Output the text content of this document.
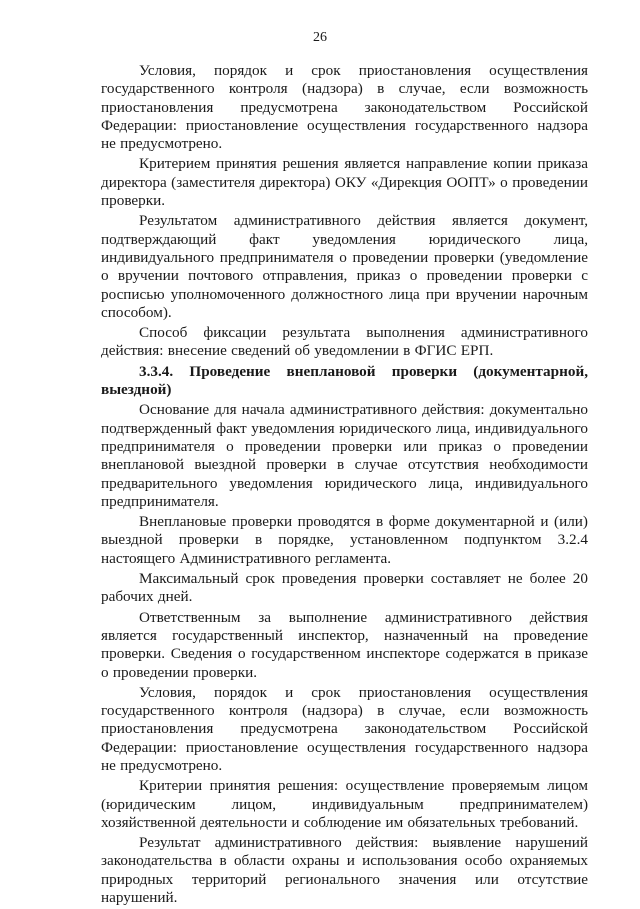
26

Условия, порядок и срок приостановления осуществления государственного контроля (надзора) в случае, если возможность приостановления предусмотрена законодательством Российской Федерации: приостановление осуществления государственного надзора не предусмотрено.

Критерием принятия решения является направление копии приказа директора (заместителя директора) ОКУ «Дирекция ООПТ» о проведении проверки.

Результатом административного действия является документ, подтверждающий факт уведомления юридического лица, индивидуального предпринимателя о проведении проверки (уведомление о вручении почтового отправления, приказ о проведении проверки с росписью уполномоченного должностного лица при вручении нарочным способом).

Способ фиксации результата выполнения административного действия: внесение сведений об уведомлении в ФГИС ЕРП.

3.3.4. Проведение внеплановой проверки (документарной, выездной)

Основание для начала административного действия: документально подтвержденный факт уведомления юридического лица, индивидуального предпринимателя о проведении проверки или приказ о проведении внеплановой выездной проверки в случае отсутствия необходимости предварительного уведомления юридического лица, индивидуального предпринимателя.

Внеплановые проверки проводятся в форме документарной и (или) выездной проверки в порядке, установленном подпунктом 3.2.4 настоящего Административного регламента.

Максимальный срок проведения проверки составляет не более 20 рабочих дней.

Ответственным за выполнение административного действия является государственный инспектор, назначенный на проведение проверки. Сведения о государственном инспекторе содержатся в приказе о проведении проверки.

Условия, порядок и срок приостановления осуществления государственного контроля (надзора) в случае, если возможность приостановления предусмотрена законодательством Российской Федерации: приостановление осуществления государственного надзора не предусмотрено.

Критерии принятия решения: осуществление проверяемым лицом (юридическим лицом, индивидуальным предпринимателем) хозяйственной деятельности и соблюдение им обязательных требований.

Результат административного действия: выявление нарушений законодательства в области охраны и использования особо охраняемых природных территорий регионального значения или отсутствие нарушений.
